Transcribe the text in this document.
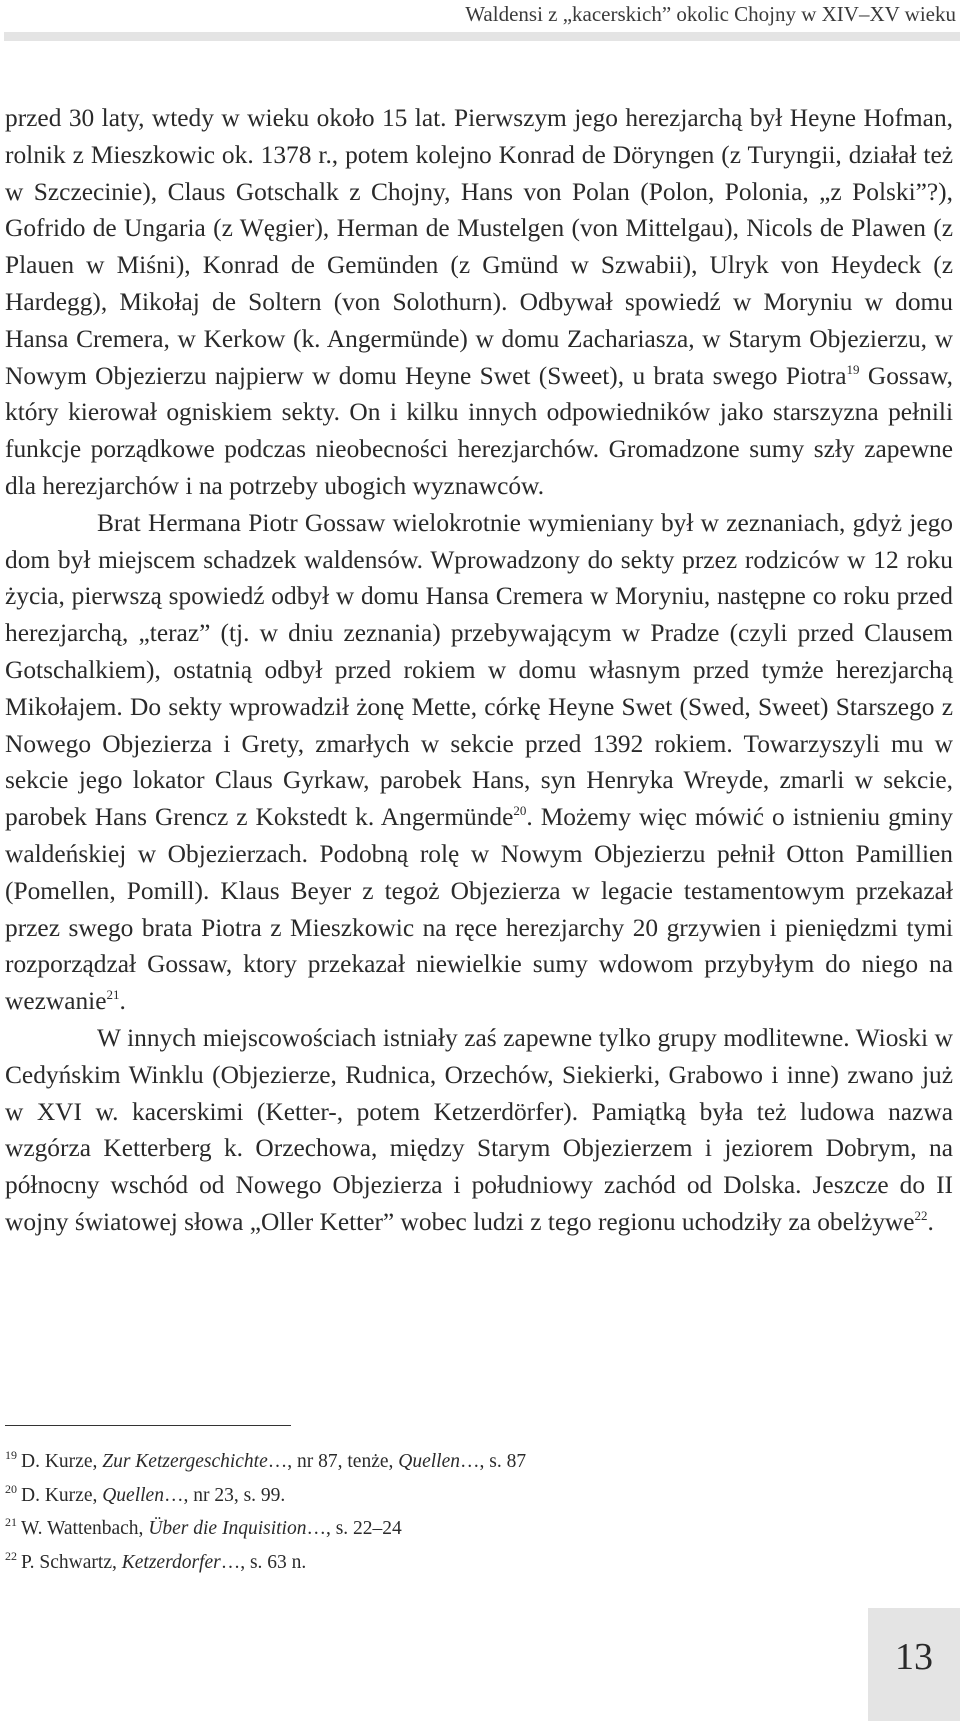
Waldensi z „kacerskich” okolic Chojny w XIV–XV wieku

przed 30 laty, wtedy w wieku około 15 lat. Pierwszym jego herezjarchą był Heyne Hofman, rolnik z Mieszkowic ok. 1378 r., potem kolejno Konrad de Döryngen (z Turyngii, działał też w Szczecinie), Claus Gotschalk z Chojny, Hans von Polan (Polon, Polonia, „z Polski”?), Gofrido de Ungaria (z Węgier), Herman de Mustelgen (von Mittelgau), Nicols de Plawen (z Plauen w Miśni), Konrad de Gemünden (z Gmünd w Szwabii), Ulryk von Heydeck (z Hardegg), Mikołaj de Soltern (von Solothurn). Odbywał spowiedź w Moryniu w domu Hansa Cremera, w Kerkow (k. Angermünde) w domu Zachariasza, w Starym Objezierzu, w Nowym Objezierzu najpierw w domu Heyne Swet (Sweet), u brata swego Piotra$^{19}$ Gossaw, który kierował ogniskiem sekty. On i kilku innych odpowiedników jako starszyzna pełnili funkcje porządkowe podczas nieobecności herezjarchów. Gromadzone sumy szły zapewne dla herezjarchów i na potrzeby ubogich wyznawców.

Brat Hermana Piotr Gossaw wielokrotnie wymieniany był w zeznaniach, gdyż jego dom był miejscem schadzek waldensów. Wprowadzony do sekty przez rodziców w 12 roku życia, pierwszą spowiedź odbył w domu Hansa Cremera w Moryniu, następne co roku przed herezjarchą, „teraz” (tj. w dniu zeznania) przebywającym w Pradze (czyli przed Clausem Gotschalkiem), ostatnią odbył przed rokiem w domu własnym przed tymże herezjarchą Mikołajem. Do sekty wprowadził żonę Mette, córkę Heyne Swet (Swed, Sweet) Starszego z Nowego Objezierza i Grety, zmarłych w sekcie przed 1392 rokiem. Towarzyszyli mu w sekcie jego lokator Claus Gyrkaw, parobek Hans, syn Henryka Wreyde, zmarli w sekcie, parobek Hans Grencz z Kokstedt k. Angermünde$^{20}$. Możemy więc mówić o istnieniu gminy waldeńskiej w Objezierzach. Podobną rolę w Nowym Objezierzu pełnił Otton Pamillien (Pomellen, Pomill). Klaus Beyer z tegoż Objezierza w legacie testamentowym przekazał przez swego brata Piotra z Mieszkowic na ręce herezjarchy 20 grzywien i pieniędzmi tymi rozporządzał Gossaw, ktory przekazał niewielkie sumy wdowom przybyłym do niego na wezwanie$^{21}$.

W innych miejscowościach istniały zaś zapewne tylko grupy modlitewne. Wioski w Cedyńskim Winklu (Objezierze, Rudnica, Orzechów, Siekierki, Grabowo i inne) zwano już w XVI w. kacerskimi (Ketter-, potem Ketzerdörfer). Pamiątką była też ludowa nazwa wzgórza Ketterberg k. Orzechowa, między Starym Objezierzem i jeziorem Dobrym, na północny wschód od Nowego Objezierza i południowy zachód od Dolska. Jeszcze do II wojny światowej słowa „Oller Ketter” wobec ludzi z tego regionu uchodziły za obelżywe$^{22}$.

$^{19}$ D. Kurze, Zur Ketzergeschichte…, nr 87, tenże, Quellen…, s. 87
$^{20}$ D. Kurze, Quellen…, nr 23, s. 99.
$^{21}$ W. Wattenbach, Über die Inquisition…, s. 22–24
$^{22}$ P. Schwartz, Ketzerdorfer…, s. 63 n.
13
